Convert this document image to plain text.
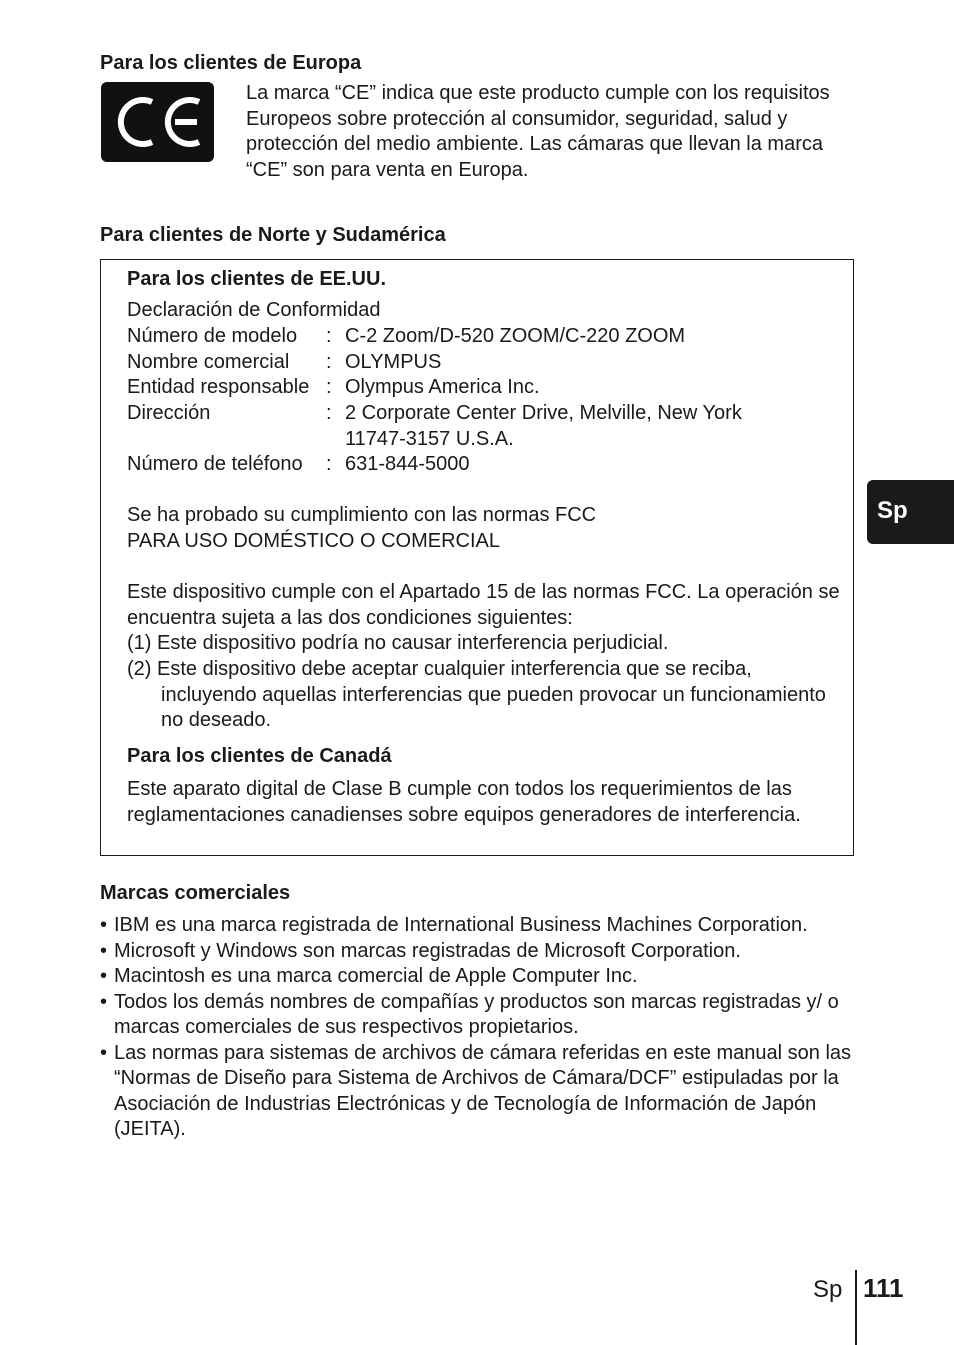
Para los clientes de Europa
La marca “CE” indica que este producto cumple con los requisitos Europeos sobre protección al consumidor, seguridad, salud y protección del medio ambiente. Las cámaras que llevan la marca “CE” son para venta en Europa.
Para clientes de Norte y Sudamérica
Para los clientes de EE.UU.
Declaración de Conformidad
Número de modelo : C-2 Zoom/D-520 ZOOM/C-220 ZOOM
Nombre comercial : OLYMPUS
Entidad responsable : Olympus America Inc.
Dirección	: 2 Corporate Center Drive, Melville, New York 11747-3157 U.S.A.
Número de teléfono : 631-844-5000
Se ha probado su cumplimiento con las normas FCC
PARA USO DOMÉSTICO O COMERCIAL
Este dispositivo cumple con el Apartado 15 de las normas FCC. La operación se encuentra sujeta a las dos condiciones siguientes:
(1) Este dispositivo podría no causar interferencia perjudicial.
(2) Este dispositivo debe aceptar cualquier interferencia que se reciba, incluyendo aquellas interferencias que pueden provocar un funcionamiento no deseado.
Para los clientes de Canadá
Este aparato digital de Clase B cumple con todos los requerimientos de las reglamentaciones canadienses sobre equipos generadores de interferencia.
Marcas comerciales
• IBM es una marca registrada de International Business Machines Corporation.
• Microsoft y Windows son marcas registradas de Microsoft Corporation.
• Macintosh es una marca comercial de Apple Computer Inc.
• Todos los demás nombres de compañías y productos son marcas registradas y/ o marcas comerciales de sus respectivos propietarios.
• Las normas para sistemas de archivos de cámara referidas en este manual son las “Normas de Diseño para Sistema de Archivos de Cámara/DCF” estipuladas por la Asociación de Industrias Electrónicas y de Tecnología de Información de Japón (JEITA).
Sp
Sp 111
